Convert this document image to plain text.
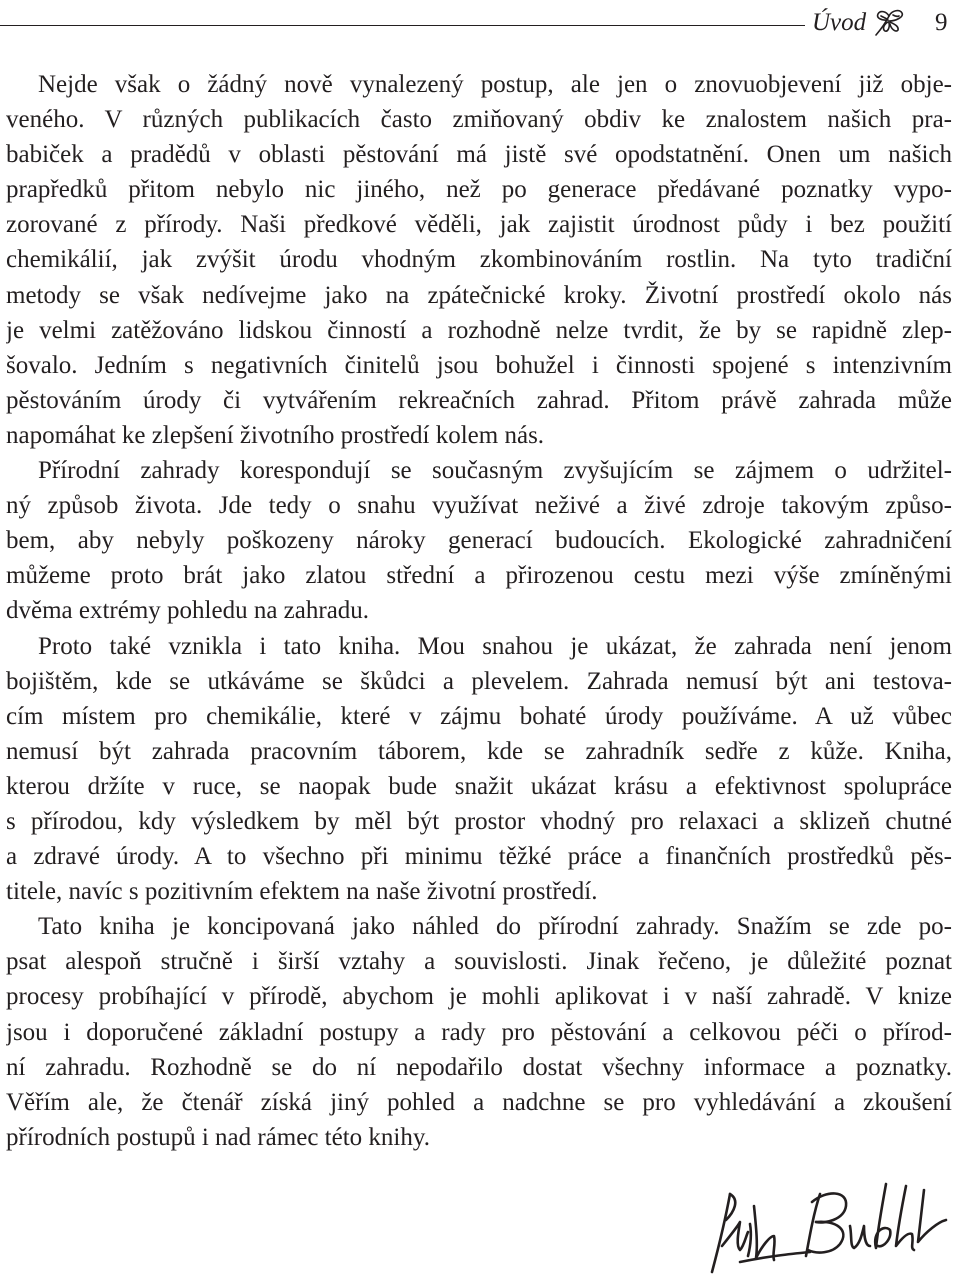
Úvod	9
Nejde však o žádný nově vynalezený postup, ale jen o znovuobjevení již obje-
veného. V různých publikacích často zmiňovaný obdiv ke znalostem našich pra-
babiček a pradědů v oblasti pěstování má jistě své opodstatnění. Onen um našich
prapředků přitom nebylo nic jiného, než po generace předávané poznatky vypo-
zorované z přírody. Naši předkové věděli, jak zajistit úrodnost půdy i bez použití
chemikálií, jak zvýšit úrodu vhodným zkombinováním rostlin. Na tyto tradiční
metody se však nedívejme jako na zpátečnické kroky. Životní prostředí okolo nás
je velmi zatěžováno lidskou činností a rozhodně nelze tvrdit, že by se rapidně zlep-
šovalo. Jedním s negativních činitelů jsou bohužel i činnosti spojené s intenzivním
pěstováním úrody či vytvářením rekreačních zahrad. Přitom právě zahrada může
napomáhat ke zlepšení životního prostředí kolem nás.
Přírodní zahrady korespondují se současným zvyšujícím se zájmem o udržitel-
ný způsob života. Jde tedy o snahu využívat neživé a živé zdroje takovým způso-
bem, aby nebyly poškozeny nároky generací budoucích. Ekologické zahradničení
můžeme proto brát jako zlatou střední a přirozenou cestu mezi výše zmíněnými
dvěma extrémy pohledu na zahradu.
Proto také vznikla i tato kniha. Mou snahou je ukázat, že zahrada není jenom
bojištěm, kde se utkáváme se škůdci a plevelem. Zahrada nemusí být ani testova-
cím místem pro chemikálie, které v zájmu bohaté úrody používáme. A už vůbec
nemusí být zahrada pracovním táborem, kde se zahradník sedře z kůže. Kniha,
kterou držíte v ruce, se naopak bude snažit ukázat krásu a efektivnost spolupráce
s přírodou, kdy výsledkem by měl být prostor vhodný pro relaxaci a sklizeň chutné
a zdravé úrody. A to všechno při minimu těžké práce a finančních prostředků pěs-
titele, navíc s pozitivním efektem na naše životní prostředí.
Tato kniha je koncipovaná jako náhled do přírodní zahrady. Snažím se zde po-
psat alespoň stručně i širší vztahy a souvislosti. Jinak řečeno, je důležité poznat
procesy probíhající v přírodě, abychom je mohli aplikovat i v naší zahradě. V knize
jsou i doporučené základní postupy a rady pro pěstování a celkovou péči o přírod-
ní zahradu. Rozhodně se do ní nepodařilo dostat všechny informace a poznatky.
Věřím ale, že čtenář získá jiný pohled a nadchne se pro vyhledávání a zkoušení
přírodních postupů i nad rámec této knihy.
